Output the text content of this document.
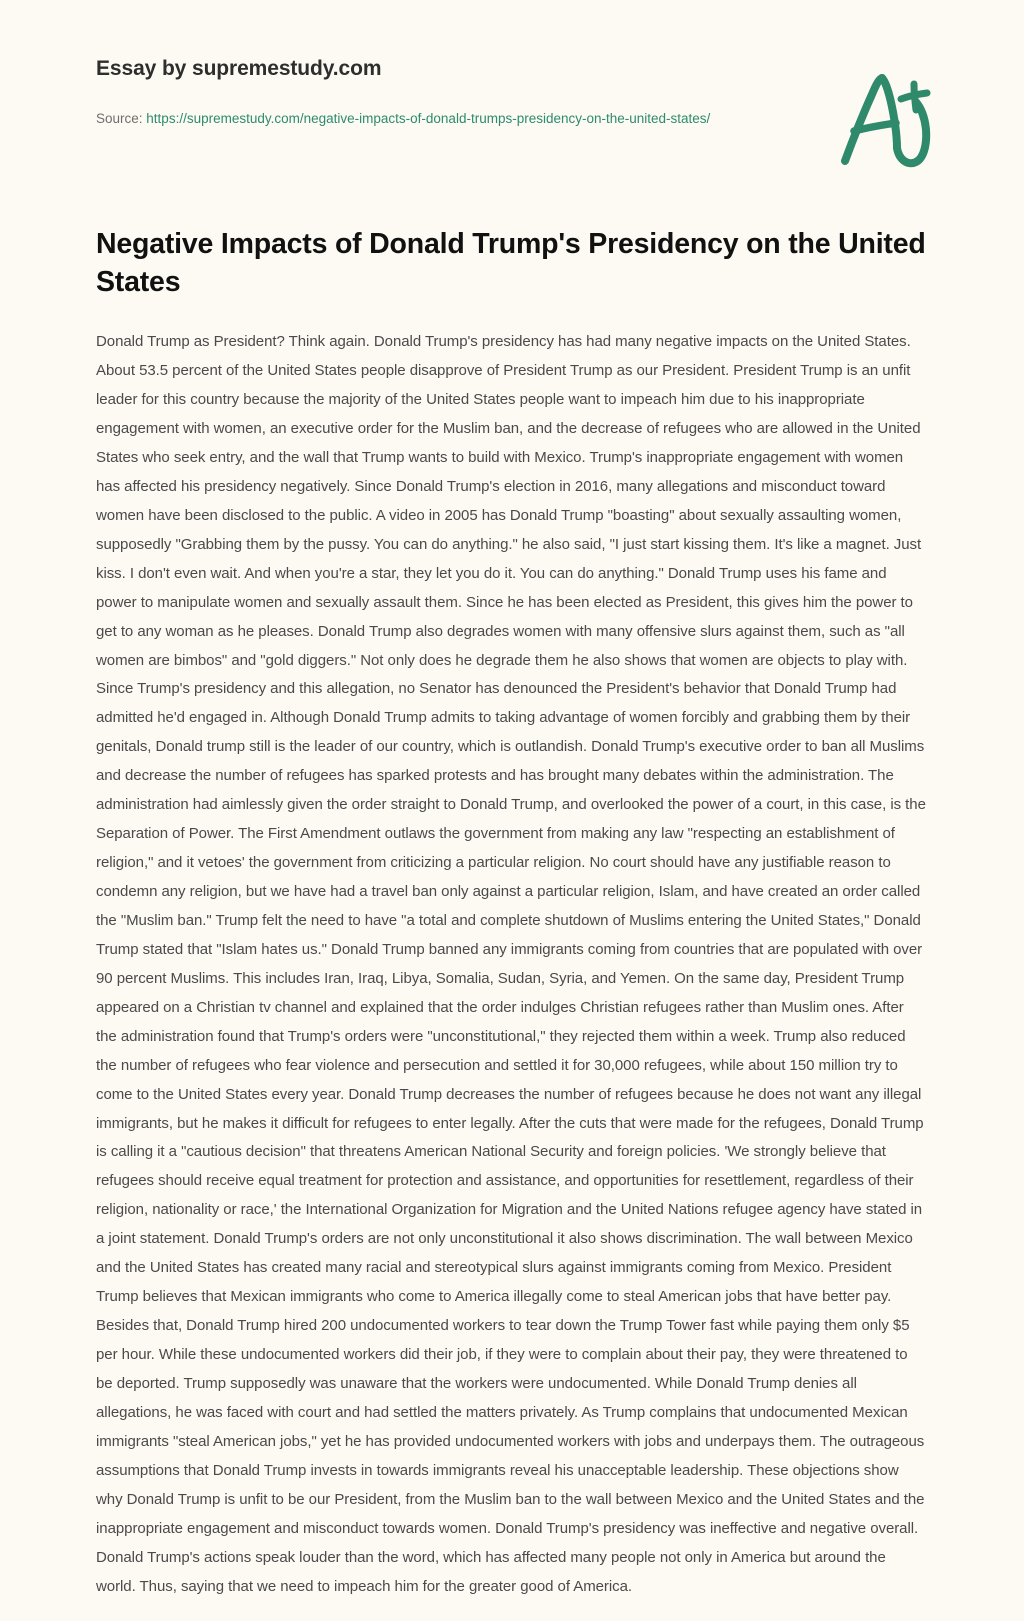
Essay by supremestudy.com

Source: https://supremestudy.com/negative-impacts-of-donald-trumps-presidency-on-the-united-states/

Negative Impacts of Donald Trump's Presidency on the United States

Donald Trump as President? Think again. Donald Trump's presidency has had many negative impacts on the United States. About 53.5 percent of the United States people disapprove of President Trump as our President. President Trump is an unfit leader for this country because the majority of the United States people want to impeach him due to his inappropriate engagement with women, an executive order for the Muslim ban, and the decrease of refugees who are allowed in the United States who seek entry, and the wall that Trump wants to build with Mexico. Trump's inappropriate engagement with women has affected his presidency negatively. Since Donald Trump's election in 2016, many allegations and misconduct toward women have been disclosed to the public. A video in 2005 has Donald Trump "boasting" about sexually assaulting women, supposedly "Grabbing them by the pussy. You can do anything." he also said, "I just start kissing them. It's like a magnet. Just kiss. I don't even wait. And when you're a star, they let you do it. You can do anything." Donald Trump uses his fame and power to manipulate women and sexually assault them. Since he has been elected as President, this gives him the power to get to any woman as he pleases. Donald Trump also degrades women with many offensive slurs against them, such as "all women are bimbos" and "gold diggers." Not only does he degrade them he also shows that women are objects to play with. Since Trump's presidency and this allegation, no Senator has denounced the President's behavior that Donald Trump had admitted he'd engaged in. Although Donald Trump admits to taking advantage of women forcibly and grabbing them by their genitals, Donald trump still is the leader of our country, which is outlandish. Donald Trump's executive order to ban all Muslims and decrease the number of refugees has sparked protests and has brought many debates within the administration. The administration had aimlessly given the order straight to Donald Trump, and overlooked the power of a court, in this case, is the Separation of Power. The First Amendment outlaws the government from making any law "respecting an establishment of religion," and it vetoes' the government from criticizing a particular religion. No court should have any justifiable reason to condemn any religion, but we have had a travel ban only against a particular religion, Islam, and have created an order called the "Muslim ban." Trump felt the need to have "a total and complete shutdown of Muslims entering the United States," Donald Trump stated that "Islam hates us." Donald Trump banned any immigrants coming from countries that are populated with over 90 percent Muslims. This includes Iran, Iraq, Libya, Somalia, Sudan, Syria, and Yemen. On the same day, President Trump appeared on a Christian tv channel and explained that the order indulges Christian refugees rather than Muslim ones. After the administration found that Trump's orders were "unconstitutional," they rejected them within a week. Trump also reduced the number of refugees who fear violence and persecution and settled it for 30,000 refugees, while about 150 million try to come to the United States every year. Donald Trump decreases the number of refugees because he does not want any illegal immigrants, but he makes it difficult for refugees to enter legally. After the cuts that were made for the refugees, Donald Trump is calling it a "cautious decision" that threatens American National Security and foreign policies. 'We strongly believe that refugees should receive equal treatment for protection and assistance, and opportunities for resettlement, regardless of their religion, nationality or race,' the International Organization for Migration and the United Nations refugee agency have stated in a joint statement. Donald Trump's orders are not only unconstitutional it also shows discrimination. The wall between Mexico and the United States has created many racial and stereotypical slurs against immigrants coming from Mexico. President Trump believes that Mexican immigrants who come to America illegally come to steal American jobs that have better pay. Besides that, Donald Trump hired 200 undocumented workers to tear down the Trump Tower fast while paying them only $5 per hour. While these undocumented workers did their job, if they were to complain about their pay, they were threatened to be deported. Trump supposedly was unaware that the workers were undocumented. While Donald Trump denies all allegations, he was faced with court and had settled the matters privately. As Trump complains that undocumented Mexican immigrants "steal American jobs," yet he has provided undocumented workers with jobs and underpays them. The outrageous assumptions that Donald Trump invests in towards immigrants reveal his unacceptable leadership. These objections show why Donald Trump is unfit to be our President, from the Muslim ban to the wall between Mexico and the United States and the inappropriate engagement and misconduct towards women. Donald Trump's presidency was ineffective and negative overall. Donald Trump's actions speak louder than the word, which has affected many people not only in America but around the world. Thus, saying that we need to impeach him for the greater good of America.
